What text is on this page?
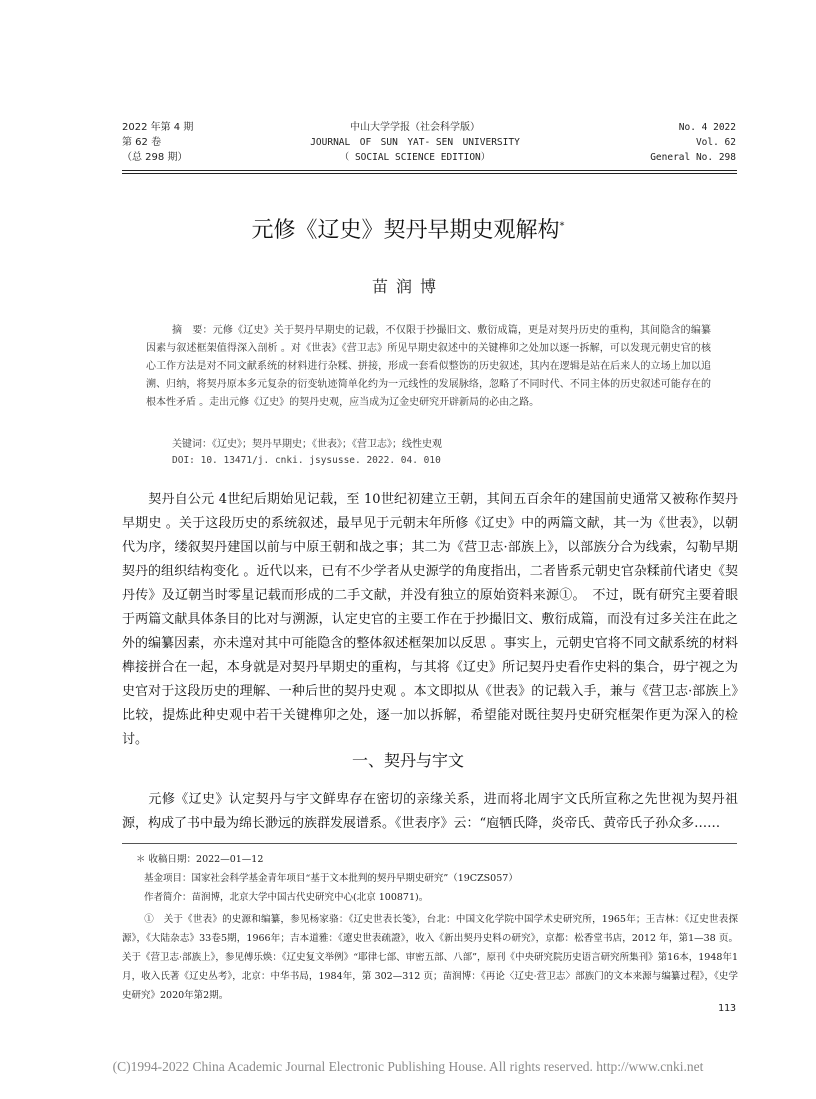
2022 年第 4 期
第 62 卷
（总 298 期）
中山大学学报（社会科学版）
JOURNAL　OF　SUN　YAT- SEN　UNIVERSITY
（ SOCIAL SCIENCE EDITION）
No. 4 2022
Vol. 62
General No. 298
元修《辽史》契丹早期史观解构*
苗润博
摘　要：元修《辽史》关于契丹早期史的记载，不仅限于抄撮旧文、敷衍成篇，更是对契丹历史的重构，其间隐含的编纂因素与叙述框架值得深入剖析 。对《世表》《营卫志》所见早期史叙述中的关键榫卯之处加以逐一拆解，可以发现元朝史官的核心工作方法是对不同文献系统的材料进行杂糅、拼接，形成一套看似整饬的历史叙述，其内在逻辑是站在后来人的立场上加以追溯、归纳，将契丹原本多元复杂的衍变轨迹简单化约为一元线性的发展脉络，忽略了不同时代、不同主体的历史叙述可能存在的根本性矛盾 。走出元修《辽史》的契丹史观，应当成为辽金史研究开辟新局的必由之路。
关键词：《辽史》；契丹早期史；《世表》；《营卫志》；线性史观
DOI: 10. 13471/j. cnki. jsysusse. 2022. 04. 010
契丹自公元 4世纪后期始见记载，至 10世纪初建立王朝，其间五百余年的建国前史通常又被称作契丹早期史 。关于这段历史的系统叙述，最早见于元朝末年所修《辽史》中的两篇文献，其一为《世表》，以朝代为序，缕叙契丹建国以前与中原王朝和战之事；其二为《营卫志·部族上》，以部族分合为线索，勾勒早期契丹的组织结构变化 。近代以来，已有不少学者从史源学的角度指出，二者皆系元朝史官杂糅前代诸史《契丹传》及辽朝当时零星记载而形成的二手文献，并没有独立的原始资料来源①。　不过，既有研究主要着眼于两篇文献具体条目的比对与溯源，认定史官的主要工作在于抄撮旧文、敷衍成篇，而没有过多关注在此之外的编纂因素，亦未遑对其中可能隐含的整体叙述框架加以反思 。事实上，元朝史官将不同文献系统的材料榫接拼合在一起，本身就是对契丹早期史的重构，与其将《辽史》所记契丹史看作史料的集合，毋宁视之为史官对于这段历史的理解、一种后世的契丹史观 。本文即拟从《世表》的记载入手，兼与《营卫志·部族上》比较，提炼此种史观中若干关键榫卯之处，逐一加以拆解，希望能对既往契丹史研究框架作更为深入的检讨。
一、契丹与宇文
元修《辽史》认定契丹与宇文鲜卑存在密切的亲缘关系，进而将北周宇文氏所宣称之先世视为契丹祖源，构成了书中最为绵长渺远的族群发展谱系。《世表序》云：“庖牺氏降，炎帝氏、黄帝氏子孙众多……
＊ 收稿日期：2022—01—12
基金项目：国家社会科学基金青年项目“基于文本批判的契丹早期史研究”（19CZS057）
作者简介：苗润博，北京大学中国古代史研究中心(北京 100871)。
①　关于《世表》的史源和编纂，参见杨家骆：《辽史世表长笺》，台北：中国文化学院中国学术史研究所，1965年；王吉林：《辽史世表探源》，《大陆杂志》33卷5期，1966年；吉本道雅：《遼史世表疏證》，收入《新出契丹史料の研究》，京都：松香堂书店，2012 年，第1—38 页。关于《营卫志·部族上》，参见傅乐焕：《辽史复文举例》“耶律七部、审密五部、八部”，原刊《中央研究院历史语言研究所集刊》第16本，1948年1 月，收入氏著《辽史丛考》，北京：中华书局，1984年，第 302—312 页；苗润博：《再论〈辽史·营卫志〉部族门的文本来源与编纂过程》，《史学史研究》2020年第2期。
113
(C)1994-2022 China Academic Journal Electronic Publishing House. All rights reserved. http://www.cnki.net
